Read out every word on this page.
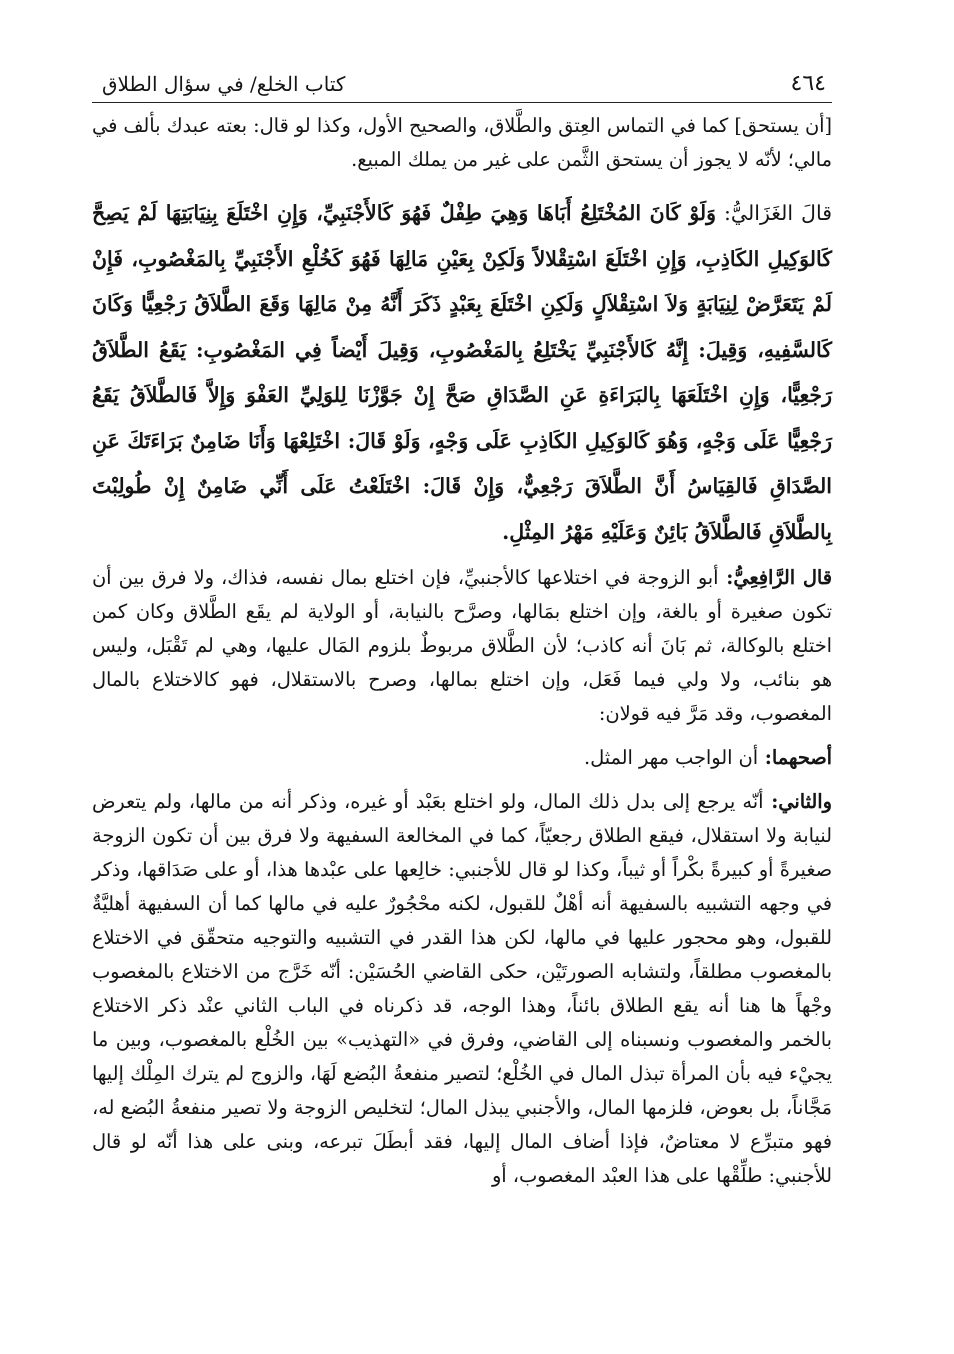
٤٦٤
كتاب الخلع/ في سؤال الطلاق

[أن يستحق] كما في التماس العِتق والطَّلاق، والصحيح الأول، وكذا لو قال: بعته عبدك بألف في مالي؛ لأنّه لا يجوز أن يستحق الثَّمن على غير من يملك المبيع.

قالَ الغَزَاليُّ: وَلَوْ كَانَ المُخْتَلِعُ أَبَاهَا وَهِيَ طِفْلٌ فَهُوَ كَالأَجْنَبِيِّ، وَإِنِ اخْتَلَعَ بِنِيَابَتِهَا لَمْ يَصِحَّ كَالوَكِيلِ الكَاذِبِ، وَإِنِ اخْتَلَعَ اسْتِقْلالاً وَلَكِنْ بِعَيْنِ مَالِهَا فَهُوَ كَخُلْعِ الأَجْنَبِيِّ بِالمَغْصُوبِ، فَإِنْ لَمْ يَتَعَرَّضْ لِنِيَابَةٍ وَلاَ اسْتِقْلاَلٍ وَلَكِنِ اخْتَلَعَ بِعَبْدٍ ذَكَرَ أَنَّهُ مِنْ مَالِهَا وَقَعَ الطَّلاَقُ رَجْعِيًّا وَكَانَ كَالسَّفِيهِ، وَقِيلَ: إِنَّهُ كَالأَجْنَبِيِّ يَخْتَلِعُ بِالمَغْصُوبِ، وَقِيلَ أَيْضاً فِي المَغْصُوبِ: يَقَعُ الطَّلاَقُ رَجْعِيًّا، وَإِنِ اخْتَلَعَهَا بِالبَرَاءَةِ عَنِ الصَّدَاقِ صَحَّ إِنْ جَوَّزْنَا لِلوَلِيِّ العَفْوَ وَإِلاَّ فَالطَّلاَقُ يَقَعُ رَجْعِيًّا عَلَى وَجْهٍ، وَهُوَ كَالوَكِيلِ الكَاذِبِ عَلَى وَجْهٍ، وَلَوْ قَالَ: اخْتَلِعْهَا وَأَنَا ضَامِنٌ بَرَاءَتَكَ عَنِ الصَّدَاقِ فَالقِيَاسُ أَنَّ الطَّلاَقَ رَجْعِيٌّ، وَإِنْ قَالَ: اخْتَلَعْتُ عَلَى أَنِّي ضَامِنٌ إِنْ طُولِبْتَ بِالطَّلاَقِ فَالطَّلاَقُ بَائِنٌ وَعَلَيْهِ مَهْرُ المِثْلِ.

قال الرَّافِعِيُّ: أبو الزوجة في اختلاعها كالأجنبيِّ، فإن اختلع بمال نفسه، فذاك، ولا فرق بين أن تكون صغيرة أو بالغة، وإن اختلع بمَالها، وصرَّح بالنيابة، أو الولاية لم يقَع الطَّلاق وكان كمن اختلع بالوكالة، ثم بَانَ أنه كاذب؛ لأن الطَّلاق مربوطٌ بلزوم المَال عليها، وهي لم تَقْبَل، وليس هو بنائب، ولا ولي فيما فَعَل، وإن اختلع بمالها، وصرح بالاستقلال، فهو كالاختلاع بالمال المغصوب، وقد مَرَّ فيه قولان:

أصحهما: أن الواجب مهر المثل.

والثاني: أنّه يرجع إلى بدل ذلك المال، ولو اختلع بعَبْد أو غيره، وذكر أنه من مالها، ولم يتعرض لنيابة ولا استقلال، فيقع الطلاق رجعيّاً، كما في المخالعة السفيهة ولا فرق بين أن تكون الزوجة صغيرةً أو كبيرةً بكْراً أو ثيباً، وكذا لو قال للأجنبي: خالِعها على عبْدها هذا، أو على صَدَاقها، وذكر في وجهه التشبيه بالسفيهة أنه أهْلٌ للقبول، لكنه محْجُورٌ عليه في مالها كما أن السفيهة أهليَّةٌ للقبول، وهو محجور عليها في مالها، لكن هذا القدر في التشبيه والتوجيه متحقّق في الاختلاع بالمغصوب مطلقاً، ولتشابه الصورتَيْن، حكى القاضي الحُسَيْن: أنّه خَرَّج من الاختلاع بالمغصوب وجْهاً ها هنا أنه يقع الطلاق بائناً، وهذا الوجه، قد ذكرناه في الباب الثاني عنْد ذكر الاختلاع بالخمر والمغصوب ونسبناه إلى القاضي، وفرق في «التهذيب» بين الخُلْع بالمغصوب، وبين ما يجيْء فيه بأن المرأة تبذل المال في الخُلْع؛ لتصير منفعةُ البُضع لَهَا، والزوج لم يترك المِلْك إليها مَجَّاناً، بل بعوض، فلزمها المال، والأجنبي يبذل المال؛ لتخليص الزوجة ولا تصير منفعةُ البُضع له، فهو متبرِّع لا معتاضٌ، فإذا أضاف المال إليها، فقد أبطَلَ تبرعه، وبنى على هذا أنّه لو قال للأجنبي: طلِّقْها على هذا العبْد المغصوب، أو
